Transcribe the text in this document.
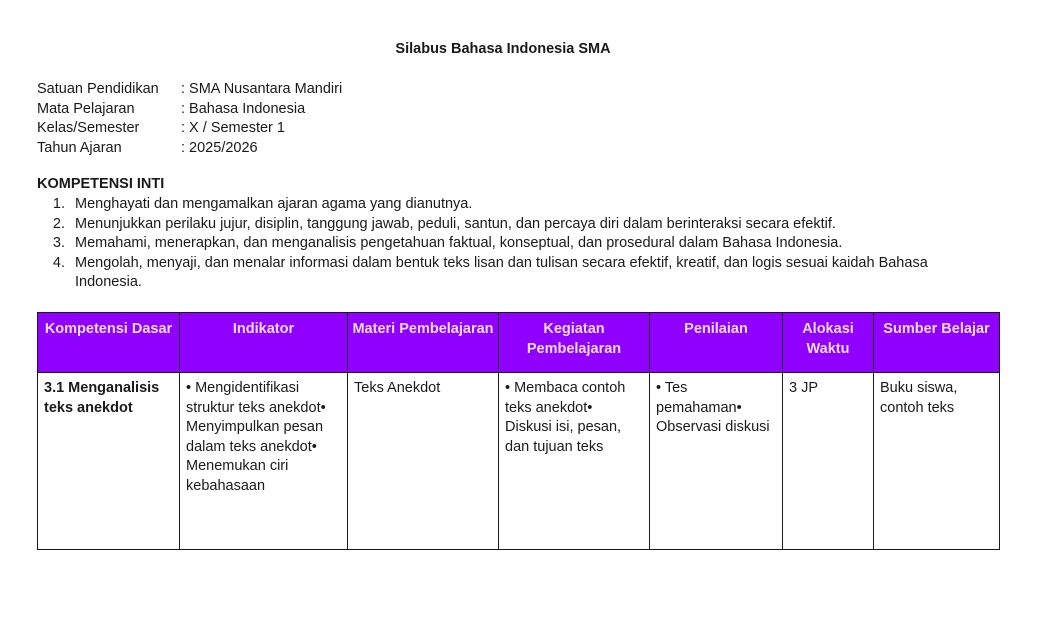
Silabus Bahasa Indonesia SMA
Satuan Pendidikan	: SMA Nusantara Mandiri
Mata Pelajaran	: Bahasa Indonesia
Kelas/Semester	: X / Semester 1
Tahun Ajaran	: 2025/2026
KOMPETENSI INTI
1. Menghayati dan mengamalkan ajaran agama yang dianutnya.
2. Menunjukkan perilaku jujur, disiplin, tanggung jawab, peduli, santun, dan percaya diri dalam berinteraksi secara efektif.
3. Memahami, menerapkan, dan menganalisis pengetahuan faktual, konseptual, dan prosedural dalam Bahasa Indonesia.
4. Mengolah, menyaji, dan menalar informasi dalam bentuk teks lisan dan tulisan secara efektif, kreatif, dan logis sesuai kaidah Bahasa Indonesia.
Kompetensi Dasar	Indikator	Materi Pembelajaran	Kegiatan Pembelajaran	Penilaian	Alokasi Waktu	Sumber Belajar
3.1 Menganalisis teks anekdot	• Mengidentifikasi struktur teks anekdot• Menyimpulkan pesan dalam teks anekdot• Menemukan ciri kebahasaan	Teks Anekdot	• Membaca contoh teks anekdot• Diskusi isi, pesan, dan tujuan teks	• Tes pemahaman• Observasi diskusi	3 JP	Buku siswa, contoh teks
